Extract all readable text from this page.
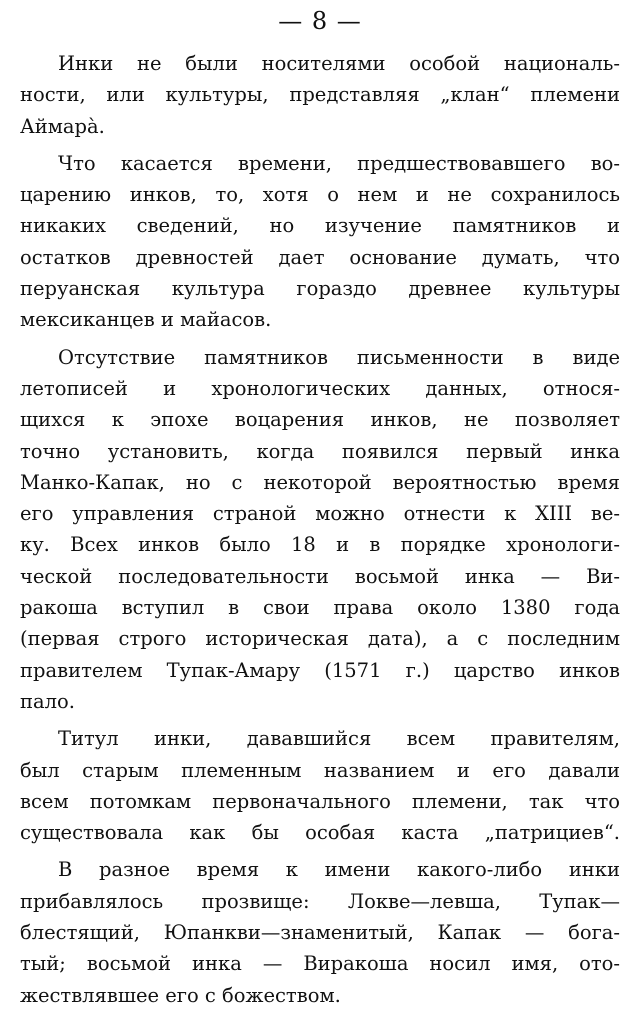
— 8 —
Инки не были носителями особой националь-
ности, или культуры, представляя „клан“ племени
Аймара̀.
Что касается времени, предшествовавшего во-
царению инков, то, хотя о нем и не сохранилось
никаких сведений, но изучение памятников и
остатков древностей дает основание думать, что
перуанская культура гораздо древнее культуры
мексиканцев и майасов.
Отсутствие памятников письменности в виде
летописей и хронологических данных, относя-
щихся к эпохе воцарения инков, не позволяет
точно установить, когда появился первый инка
Манко-Капак, но с некоторой вероятностью время
его управления страной можно отнести к XIII ве-
ку. Всех инков было 18 и в порядке хронологи-
ческой последовательности восьмой инка — Ви-
ракоша вступил в свои права около 1380 года
(первая строго историческая дата), а с последним
правителем Тупак-Амару (1571 г.) царство инков
пало.
Титул инки, дававшийся всем правителям,
был старым племенным названием и его давали
всем потомкам первоначального племени, так что
существовала как бы особая каста „патрициев“.
В разное время к имени какого-либо инки
прибавлялось прозвище: Локве—левша, Тупак—
блестящий, Юпанкви—знаменитый, Капак — бога-
тый; восьмой инка — Виракоша носил имя, ото-
жествлявшее его с божеством.
